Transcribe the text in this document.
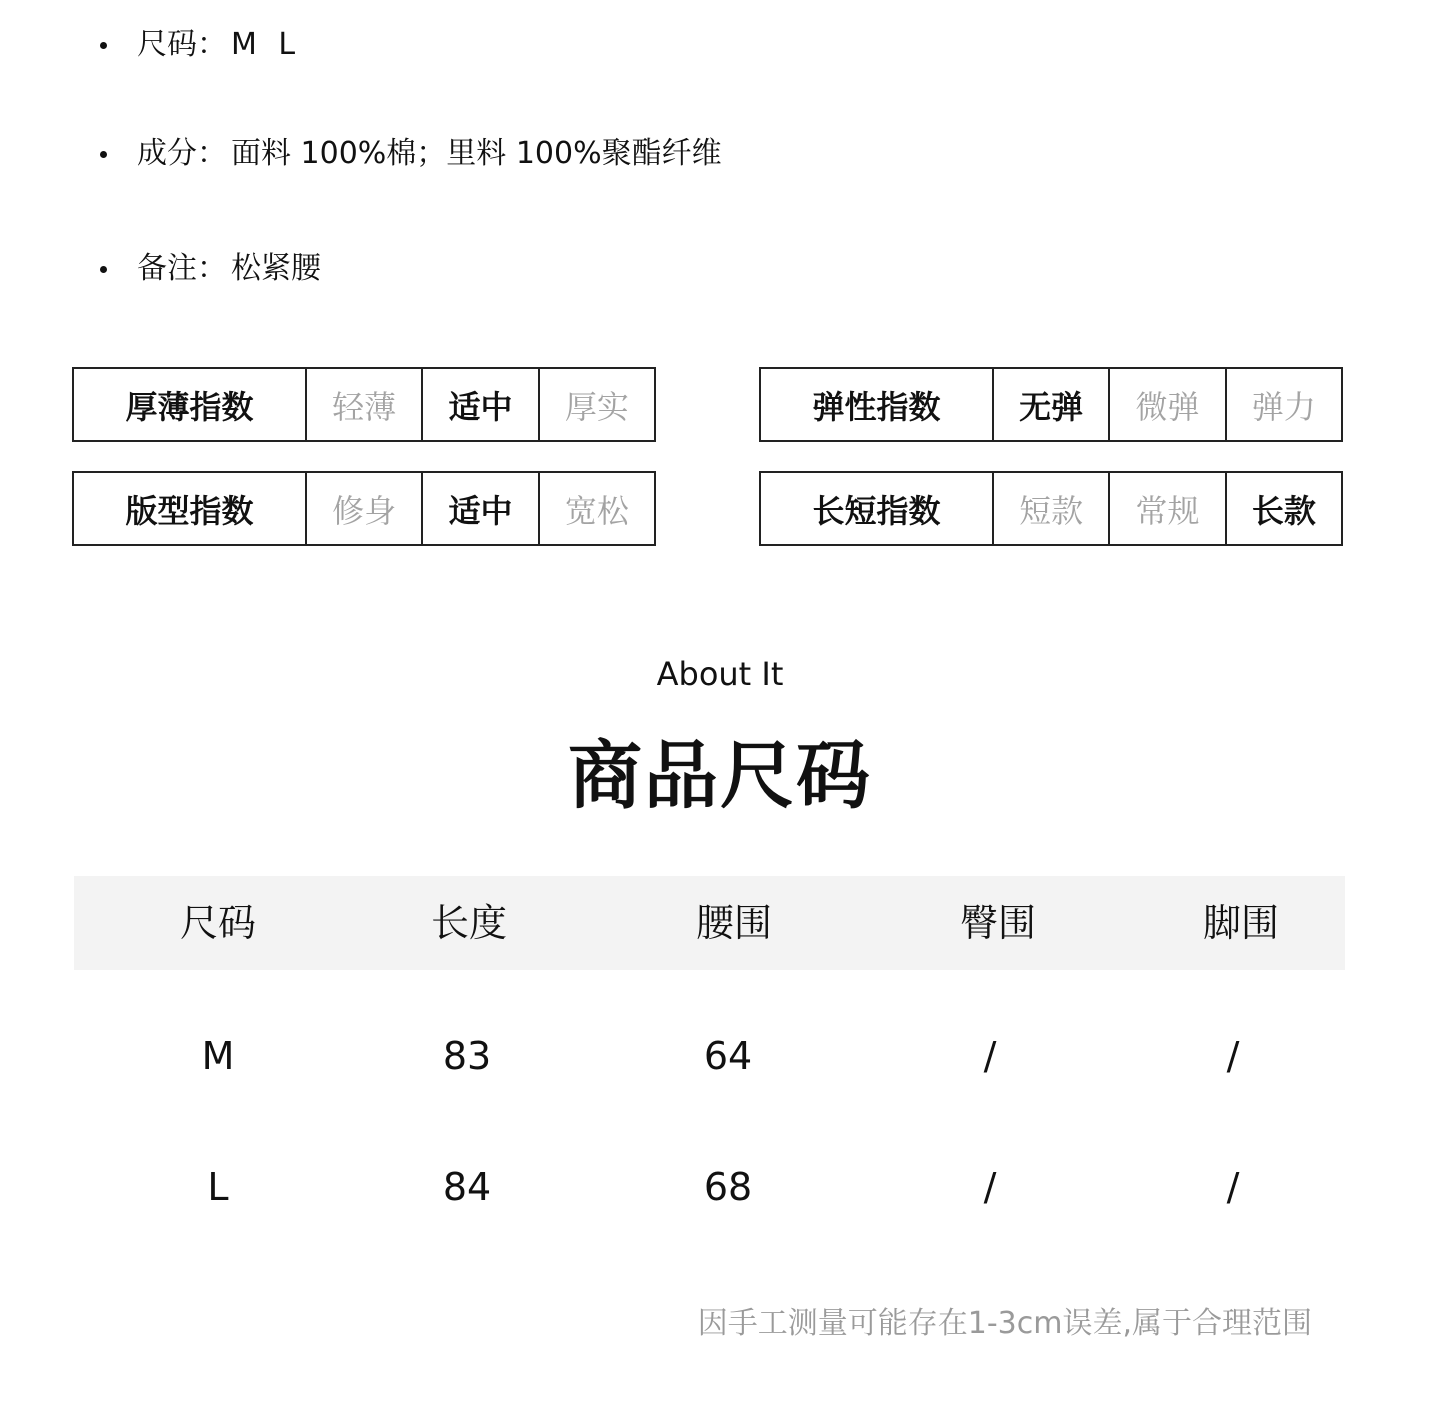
尺码： M L
成分： 面料 100%棉；里料 100%聚酯纤维
备注： 松紧腰
厚薄指数	轻薄	适中	厚实	弹性指数	无弹	微弹	弹力
版型指数	修身	适中	宽松	长短指数	短款	常规	长款
About It
商品尺码
尺码	长度	腰围	臀围	脚围
M	83	64	/	/
L	84	68	/	/
因手工测量可能存在1-3cm误差,属于合理范围
